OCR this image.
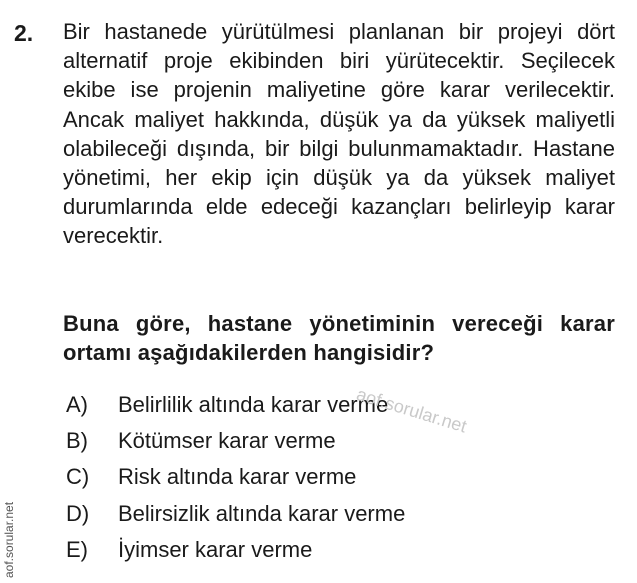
2. Bir hastanede yürütülmesi planlanan bir projeyi dört alternatif proje ekibinden biri yürütecektir. Seçilecek ekibe ise projenin maliyetine göre karar verilecektir. Ancak maliyet hakkında, düşük ya da yüksek maliyetli olabileceği dışında, bir bilgi bulunmamaktadır. Hastane yönetimi, her ekip için düşük ya da yüksek maliyet durumlarında elde edeceği kazançları belirleyip karar verecektir.
Buna göre, hastane yönetiminin vereceği karar ortamı aşağıdakilerden hangisidir?
A)	Belirlilik altında karar verme
B)	Kötümser karar verme
C)	Risk altında karar verme
D)	Belirsizlik altında karar verme
E)	İyimser karar verme
aof.sorular.net
aof.sorular.net
